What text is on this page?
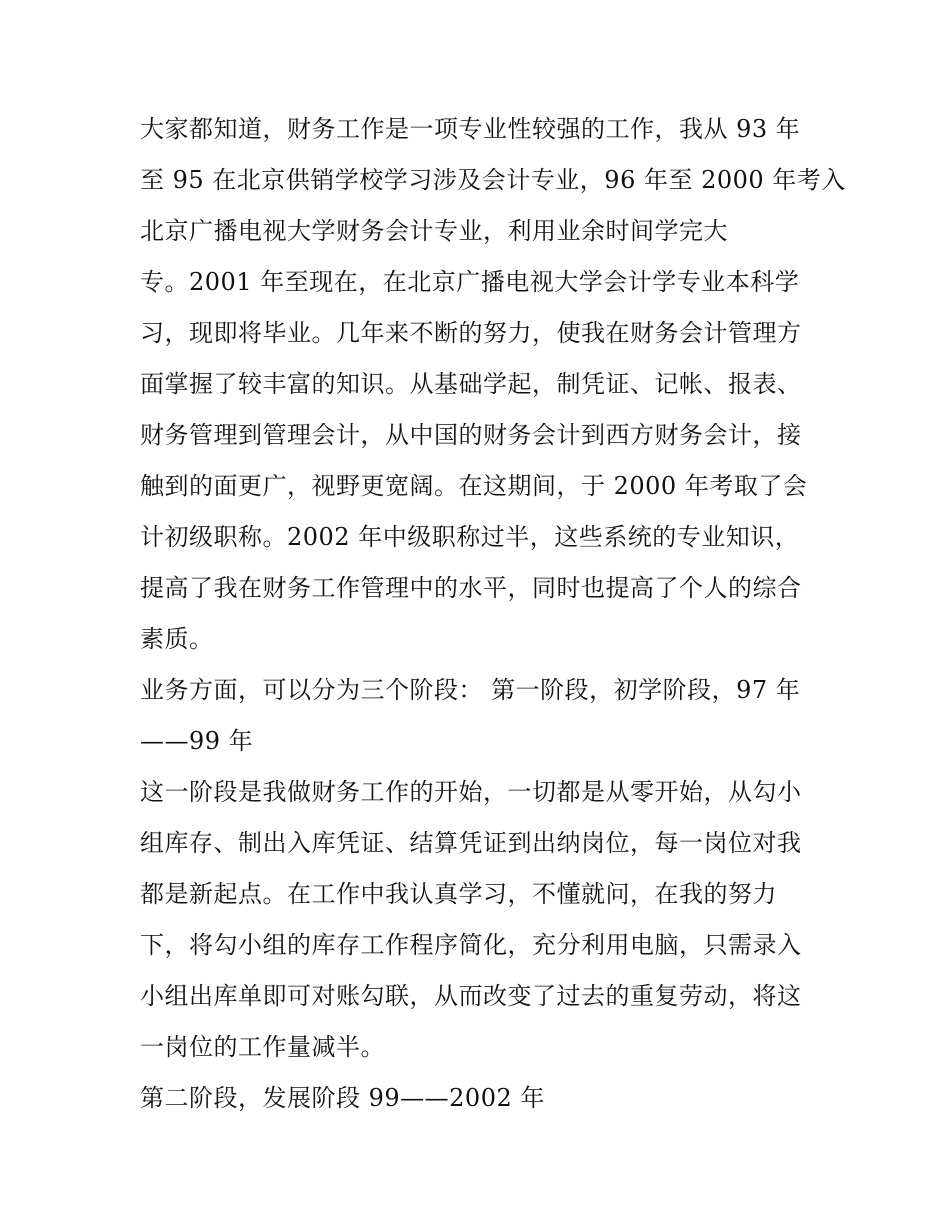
大家都知道，财务工作是一项专业性较强的工作，我从 93 年
至 95 在北京供销学校学习涉及会计专业，96 年至 2000 年考入
北京广播电视大学财务会计专业，利用业余时间学完大
专。2001 年至现在，在北京广播电视大学会计学专业本科学
习，现即将毕业。几年来不断的努力，使我在财务会计管理方
面掌握了较丰富的知识。从基础学起，制凭证、记帐、报表、
财务管理到管理会计，从中国的财务会计到西方财务会计，接
触到的面更广，视野更宽阔。在这期间，于 2000 年考取了会
计初级职称。2002 年中级职称过半，这些系统的专业知识，
提高了我在财务工作管理中的水平，同时也提高了个人的综合
素质。
业务方面，可以分为三个阶段： 第一阶段，初学阶段，97 年
——99 年
这一阶段是我做财务工作的开始，一切都是从零开始，从勾小
组库存、制出入库凭证、结算凭证到出纳岗位，每一岗位对我
都是新起点。在工作中我认真学习，不懂就问，在我的努力
下，将勾小组的库存工作程序简化，充分利用电脑，只需录入
小组出库单即可对账勾联，从而改变了过去的重复劳动，将这
一岗位的工作量减半。
第二阶段，发展阶段 99——2002 年
